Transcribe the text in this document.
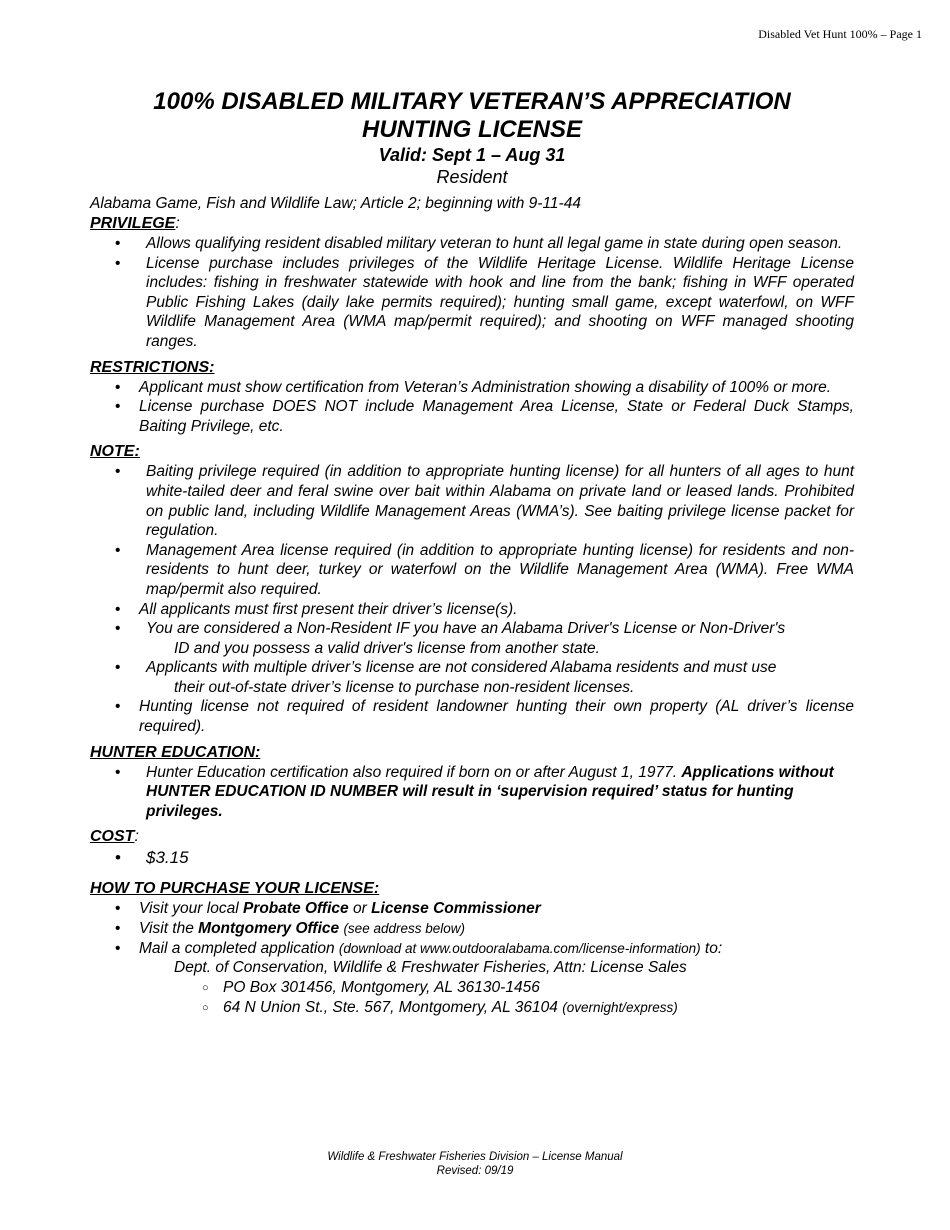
Disabled Vet Hunt 100% – Page 1

100% DISABLED MILITARY VETERAN’S APPRECIATION

HUNTING LICENSE

Valid: Sept 1 – Aug 31

Resident

Alabama Game, Fish and Wildlife Law; Article 2; beginning with 9-11-44

PRIVILEGE:

• Allows qualifying resident disabled military veteran to hunt all legal game in state during open season.
• License purchase includes privileges of the Wildlife Heritage License. Wildlife Heritage License includes: fishing in freshwater statewide with hook and line from the bank; fishing in WFF operated Public Fishing Lakes (daily lake permits required); hunting small game, except waterfowl, on WFF Wildlife Management Area (WMA map/permit required); and shooting on WFF managed shooting ranges.

RESTRICTIONS:

• Applicant must show certification from Veteran’s Administration showing a disability of 100% or more.
• License purchase DOES NOT include Management Area License, State or Federal Duck Stamps, Baiting Privilege, etc.

NOTE:

• Baiting privilege required (in addition to appropriate hunting license) for all hunters of all ages to hunt white-tailed deer and feral swine over bait within Alabama on private land or leased lands. Prohibited on public land, including Wildlife Management Areas (WMA’s). See baiting privilege license packet for regulation.
• Management Area license required (in addition to appropriate hunting license) for residents and non-residents to hunt deer, turkey or waterfowl on the Wildlife Management Area (WMA). Free WMA map/permit also required.
• All applicants must first present their driver’s license(s).
• You are considered a Non-Resident IF you have an Alabama Driver's License or Non-Driver's
ID and you possess a valid driver's license from another state.
• Applicants with multiple driver’s license are not considered Alabama residents and must use
their out-of-state driver’s license to purchase non-resident licenses.
• Hunting license not required of resident landowner hunting their own property (AL driver’s license required).

HUNTER EDUCATION:

• Hunter Education certification also required if born on or after August 1, 1977. Applications without HUNTER EDUCATION ID NUMBER will result in ‘supervision required’ status for hunting privileges.

COST:

• $3.15

HOW TO PURCHASE YOUR LICENSE:

• Visit your local Probate Office or License Commissioner
• Visit the Montgomery Office (see address below)
• Mail a completed application (download at www.outdooralabama.com/license-information) to:
Dept. of Conservation, Wildlife & Freshwater Fisheries, Attn: License Sales
○ PO Box 301456, Montgomery, AL 36130-1456
○ 64 N Union St., Ste. 567, Montgomery, AL 36104 (overnight/express)
Wildlife & Freshwater Fisheries Division – License Manual
Revised: 09/19
